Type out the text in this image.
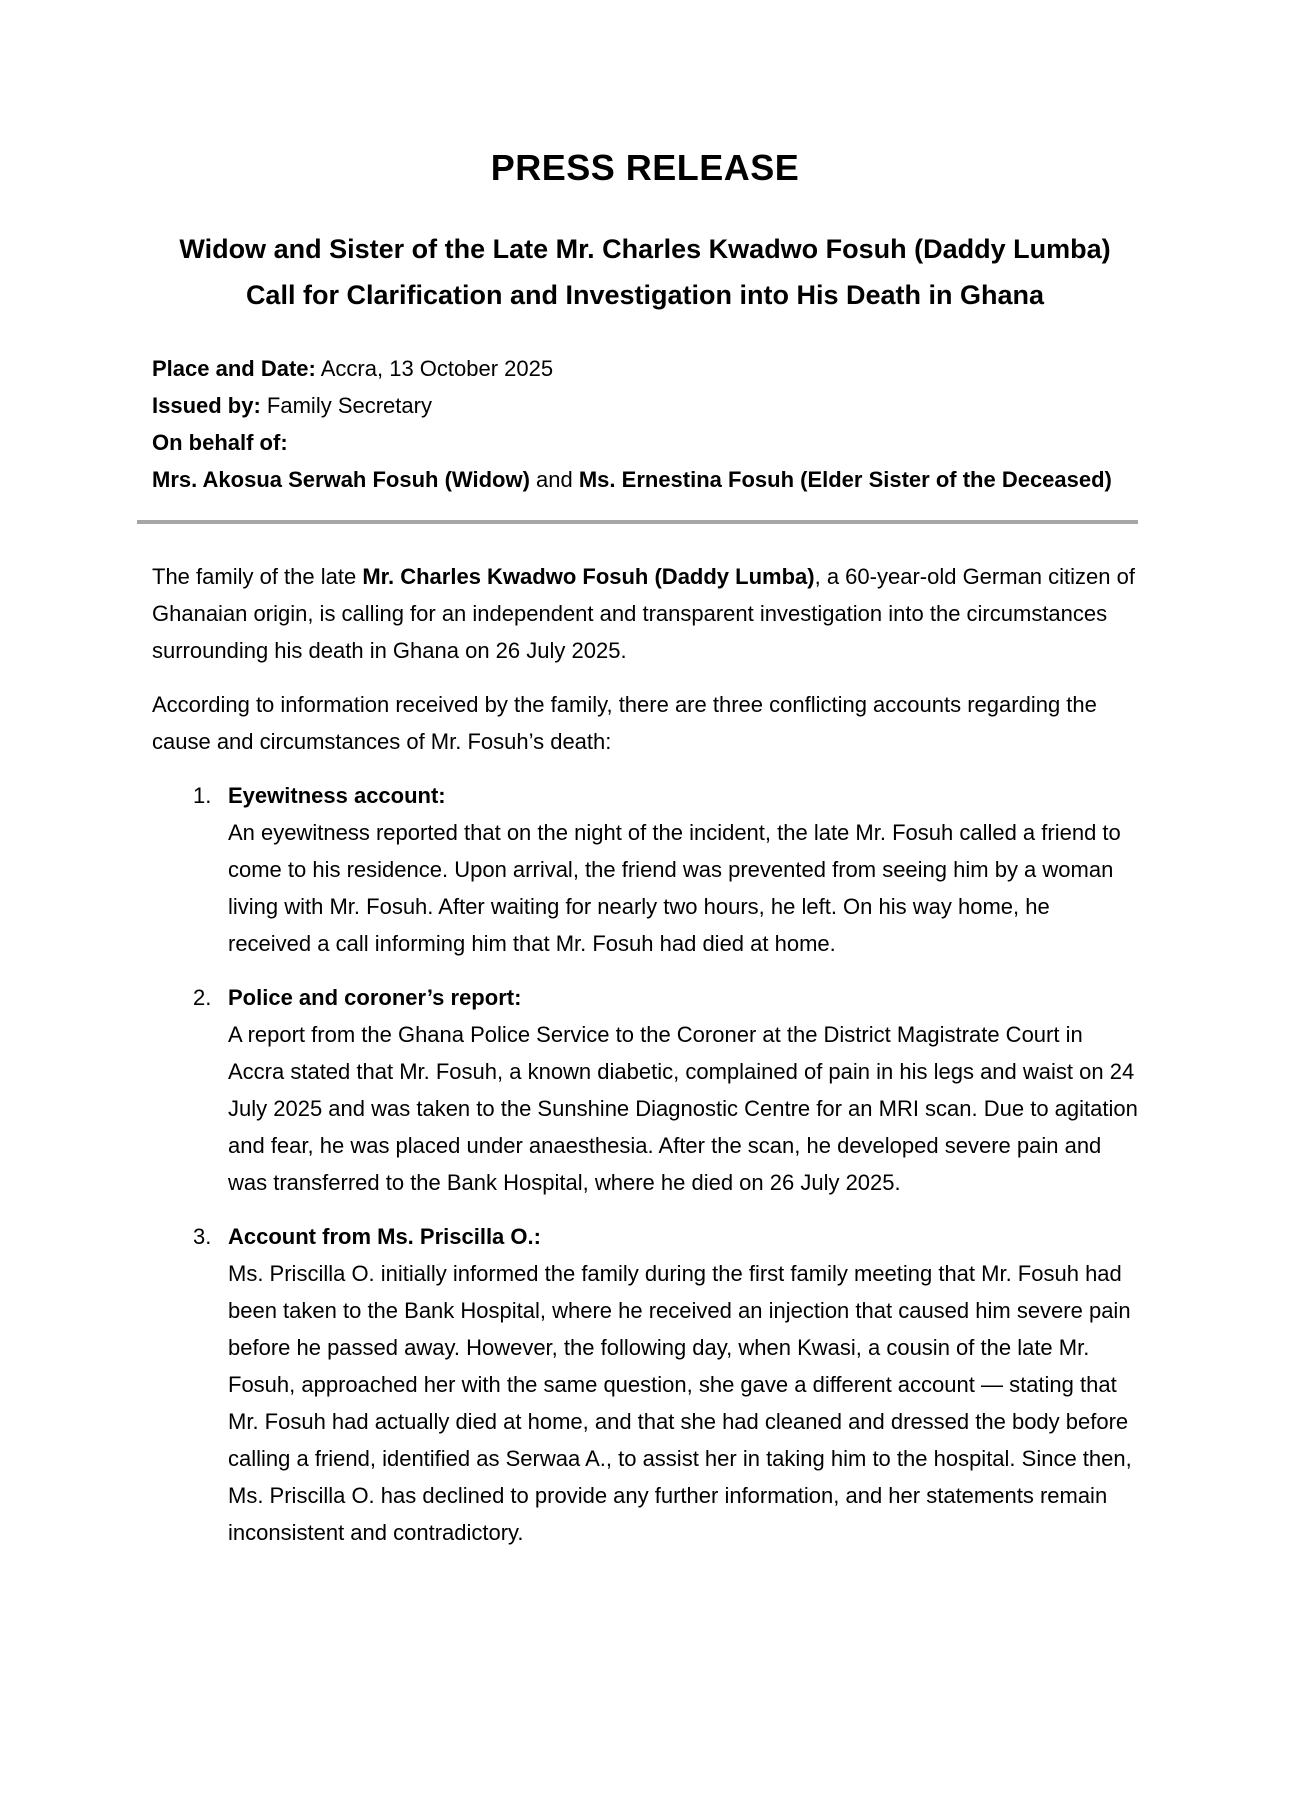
PRESS RELEASE
Widow and Sister of the Late Mr. Charles Kwadwo Fosuh (Daddy Lumba) Call for Clarification and Investigation into His Death in Ghana
Place and Date: Accra, 13 October 2025
Issued by: Family Secretary
On behalf of:
Mrs. Akosua Serwah Fosuh (Widow) and Ms. Ernestina Fosuh (Elder Sister of the Deceased)

The family of the late Mr. Charles Kwadwo Fosuh (Daddy Lumba), a 60-year-old German citizen of Ghanaian origin, is calling for an independent and transparent investigation into the circumstances surrounding his death in Ghana on 26 July 2025.

According to information received by the family, there are three conflicting accounts regarding the cause and circumstances of Mr. Fosuh’s death:

1. Eyewitness account:
An eyewitness reported that on the night of the incident, the late Mr. Fosuh called a friend to come to his residence. Upon arrival, the friend was prevented from seeing him by a woman living with Mr. Fosuh. After waiting for nearly two hours, he left. On his way home, he received a call informing him that Mr. Fosuh had died at home.
2. Police and coroner’s report:
A report from the Ghana Police Service to the Coroner at the District Magistrate Court in Accra stated that Mr. Fosuh, a known diabetic, complained of pain in his legs and waist on 24 July 2025 and was taken to the Sunshine Diagnostic Centre for an MRI scan. Due to agitation and fear, he was placed under anaesthesia. After the scan, he developed severe pain and was transferred to the Bank Hospital, where he died on 26 July 2025.
3. Account from Ms. Priscilla O.:
Ms. Priscilla O. initially informed the family during the first family meeting that Mr. Fosuh had been taken to the Bank Hospital, where he received an injection that caused him severe pain before he passed away. However, the following day, when Kwasi, a cousin of the late Mr. Fosuh, approached her with the same question, she gave a different account — stating that Mr. Fosuh had actually died at home, and that she had cleaned and dressed the body before calling a friend, identified as Serwaa A., to assist her in taking him to the hospital. Since then, Ms. Priscilla O. has declined to provide any further information, and her statements remain inconsistent and contradictory.
